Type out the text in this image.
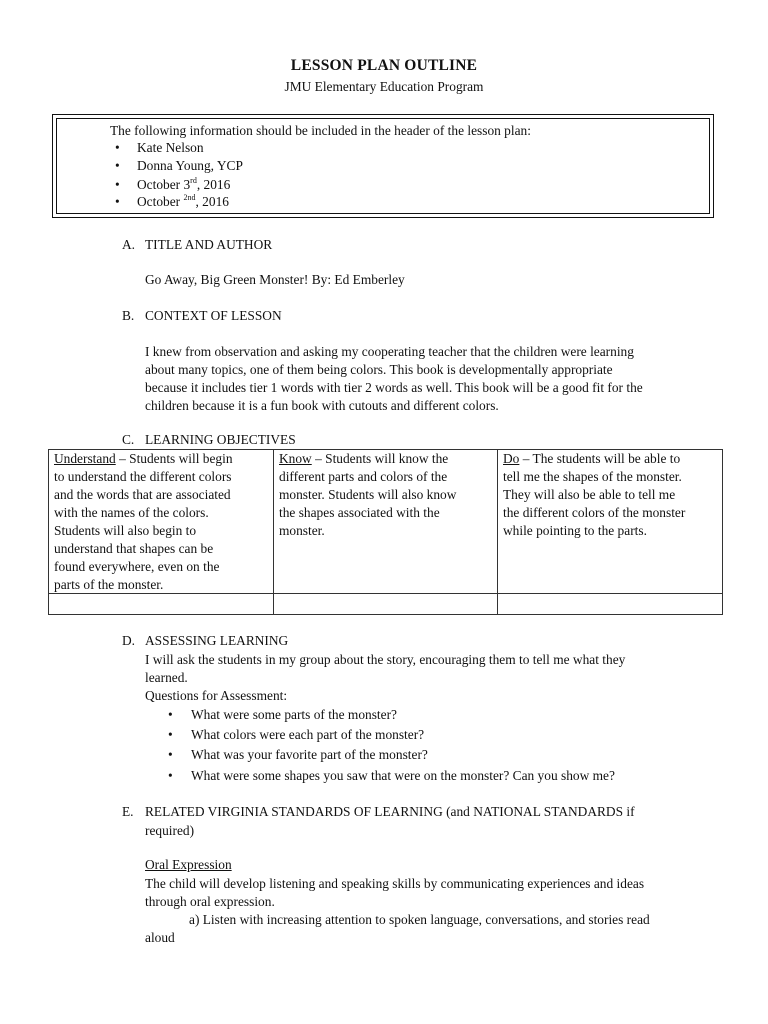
LESSON PLAN OUTLINE
JMU Elementary Education Program
The following information should be included in the header of the lesson plan:
• Kate Nelson
• Donna Young, YCP
• October 3rd, 2016
• October $^{2nd}$, 2016
A. TITLE AND AUTHOR
Go Away, Big Green Monster! By: Ed Emberley
B. CONTEXT OF LESSON
I knew from observation and asking my cooperating teacher that the children were learning
about many topics, one of them being colors. This book is developmentally appropriate
because it includes tier 1 words with tier 2 words as well. This book will be a good fit for the
children because it is a fun book with cutouts and different colors.
C. LEARNING OBJECTIVES
Understand – Students will begin
to understand the different colors
and the words that are associated
with the names of the colors.
Students will also begin to
understand that shapes can be
found everywhere, even on the
parts of the monster.
Know – Students will know the
different parts and colors of the
monster. Students will also know
the shapes associated with the
monster.
Do – The students will be able to
tell me the shapes of the monster.
They will also be able to tell me
the different colors of the monster
while pointing to the parts.
D. ASSESSING LEARNING
I will ask the students in my group about the story, encouraging them to tell me what they
learned.
Questions for Assessment:
• What were some parts of the monster?
• What colors were each part of the monster?
• What was your favorite part of the monster?
• What were some shapes you saw that were on the monster? Can you show me?
E. RELATED VIRGINIA STANDARDS OF LEARNING (and NATIONAL STANDARDS if
required)
Oral Expression
The child will develop listening and speaking skills by communicating experiences and ideas
through oral expression.
a) Listen with increasing attention to spoken language, conversations, and stories read
aloud
